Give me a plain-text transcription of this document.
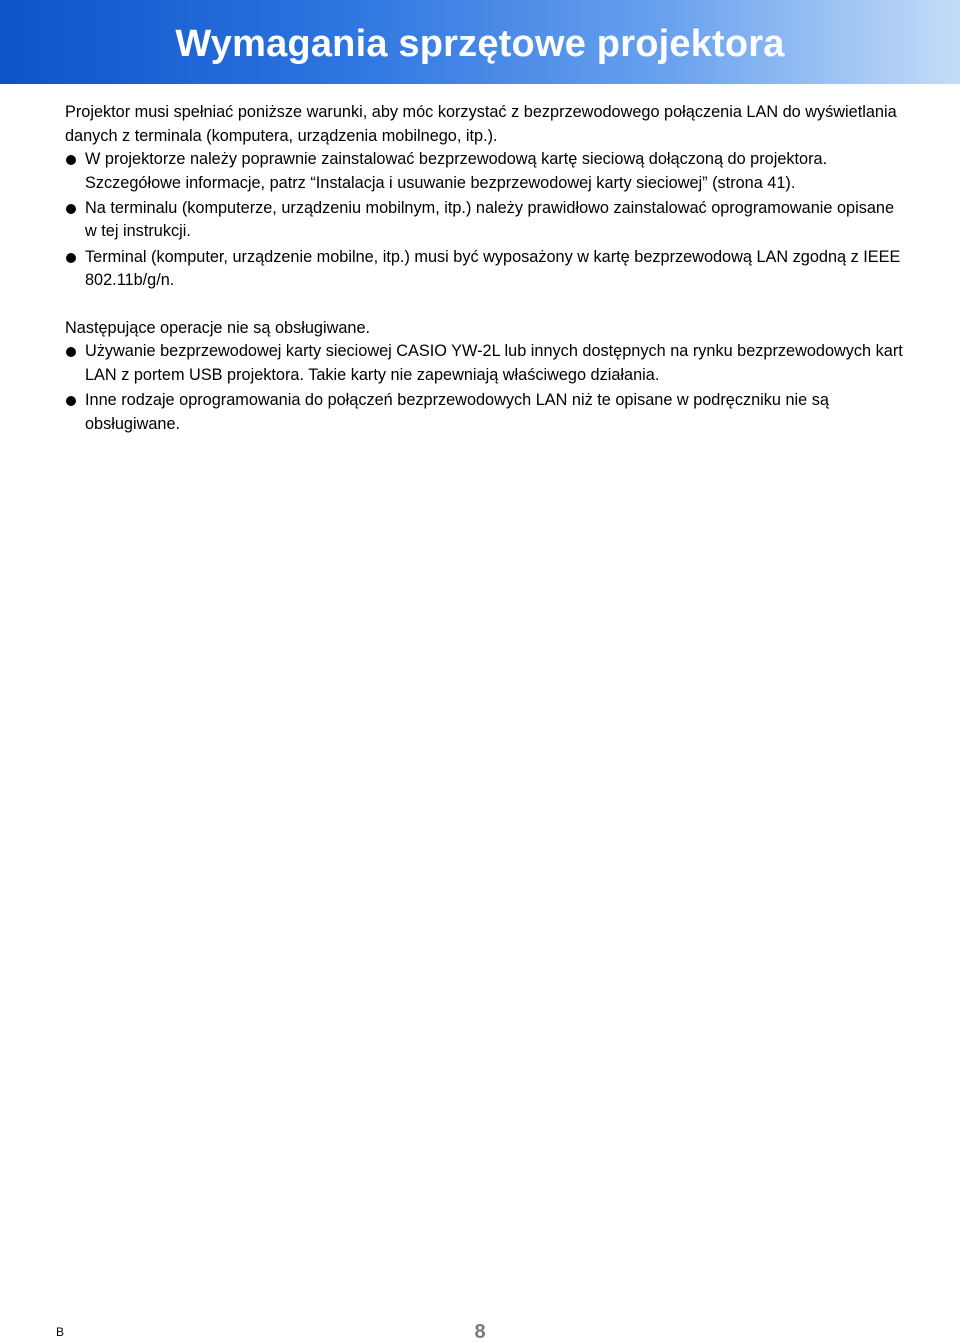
Wymagania sprzętowe projektora

Projektor musi spełniać poniższe warunki, aby móc korzystać z bezprzewodowego połączenia LAN do wyświetlania danych z terminala (komputera, urządzenia mobilnego, itp.).

W projektorze należy poprawnie zainstalować bezprzewodową kartę sieciową dołączoną do projektora. Szczegółowe informacje, patrz “Instalacja i usuwanie bezprzewodowej karty sieciowej” (strona 41).
Na terminalu (komputerze, urządzeniu mobilnym, itp.) należy prawidłowo zainstalować oprogramowanie opisane w tej instrukcji.
Terminal (komputer, urządzenie mobilne, itp.) musi być wyposażony w kartę bezprzewodową LAN zgodną z IEEE 802.11b/g/n.

Następujące operacje nie są obsługiwane.

Używanie bezprzewodowej karty sieciowej CASIO YW-2L lub innych dostępnych na rynku bezprzewodowych kart LAN z portem USB projektora. Takie karty nie zapewniają właściwego działania.
Inne rodzaje oprogramowania do połączeń bezprzewodowych LAN niż te opisane w podręczniku nie są obsługiwane.
B	8
